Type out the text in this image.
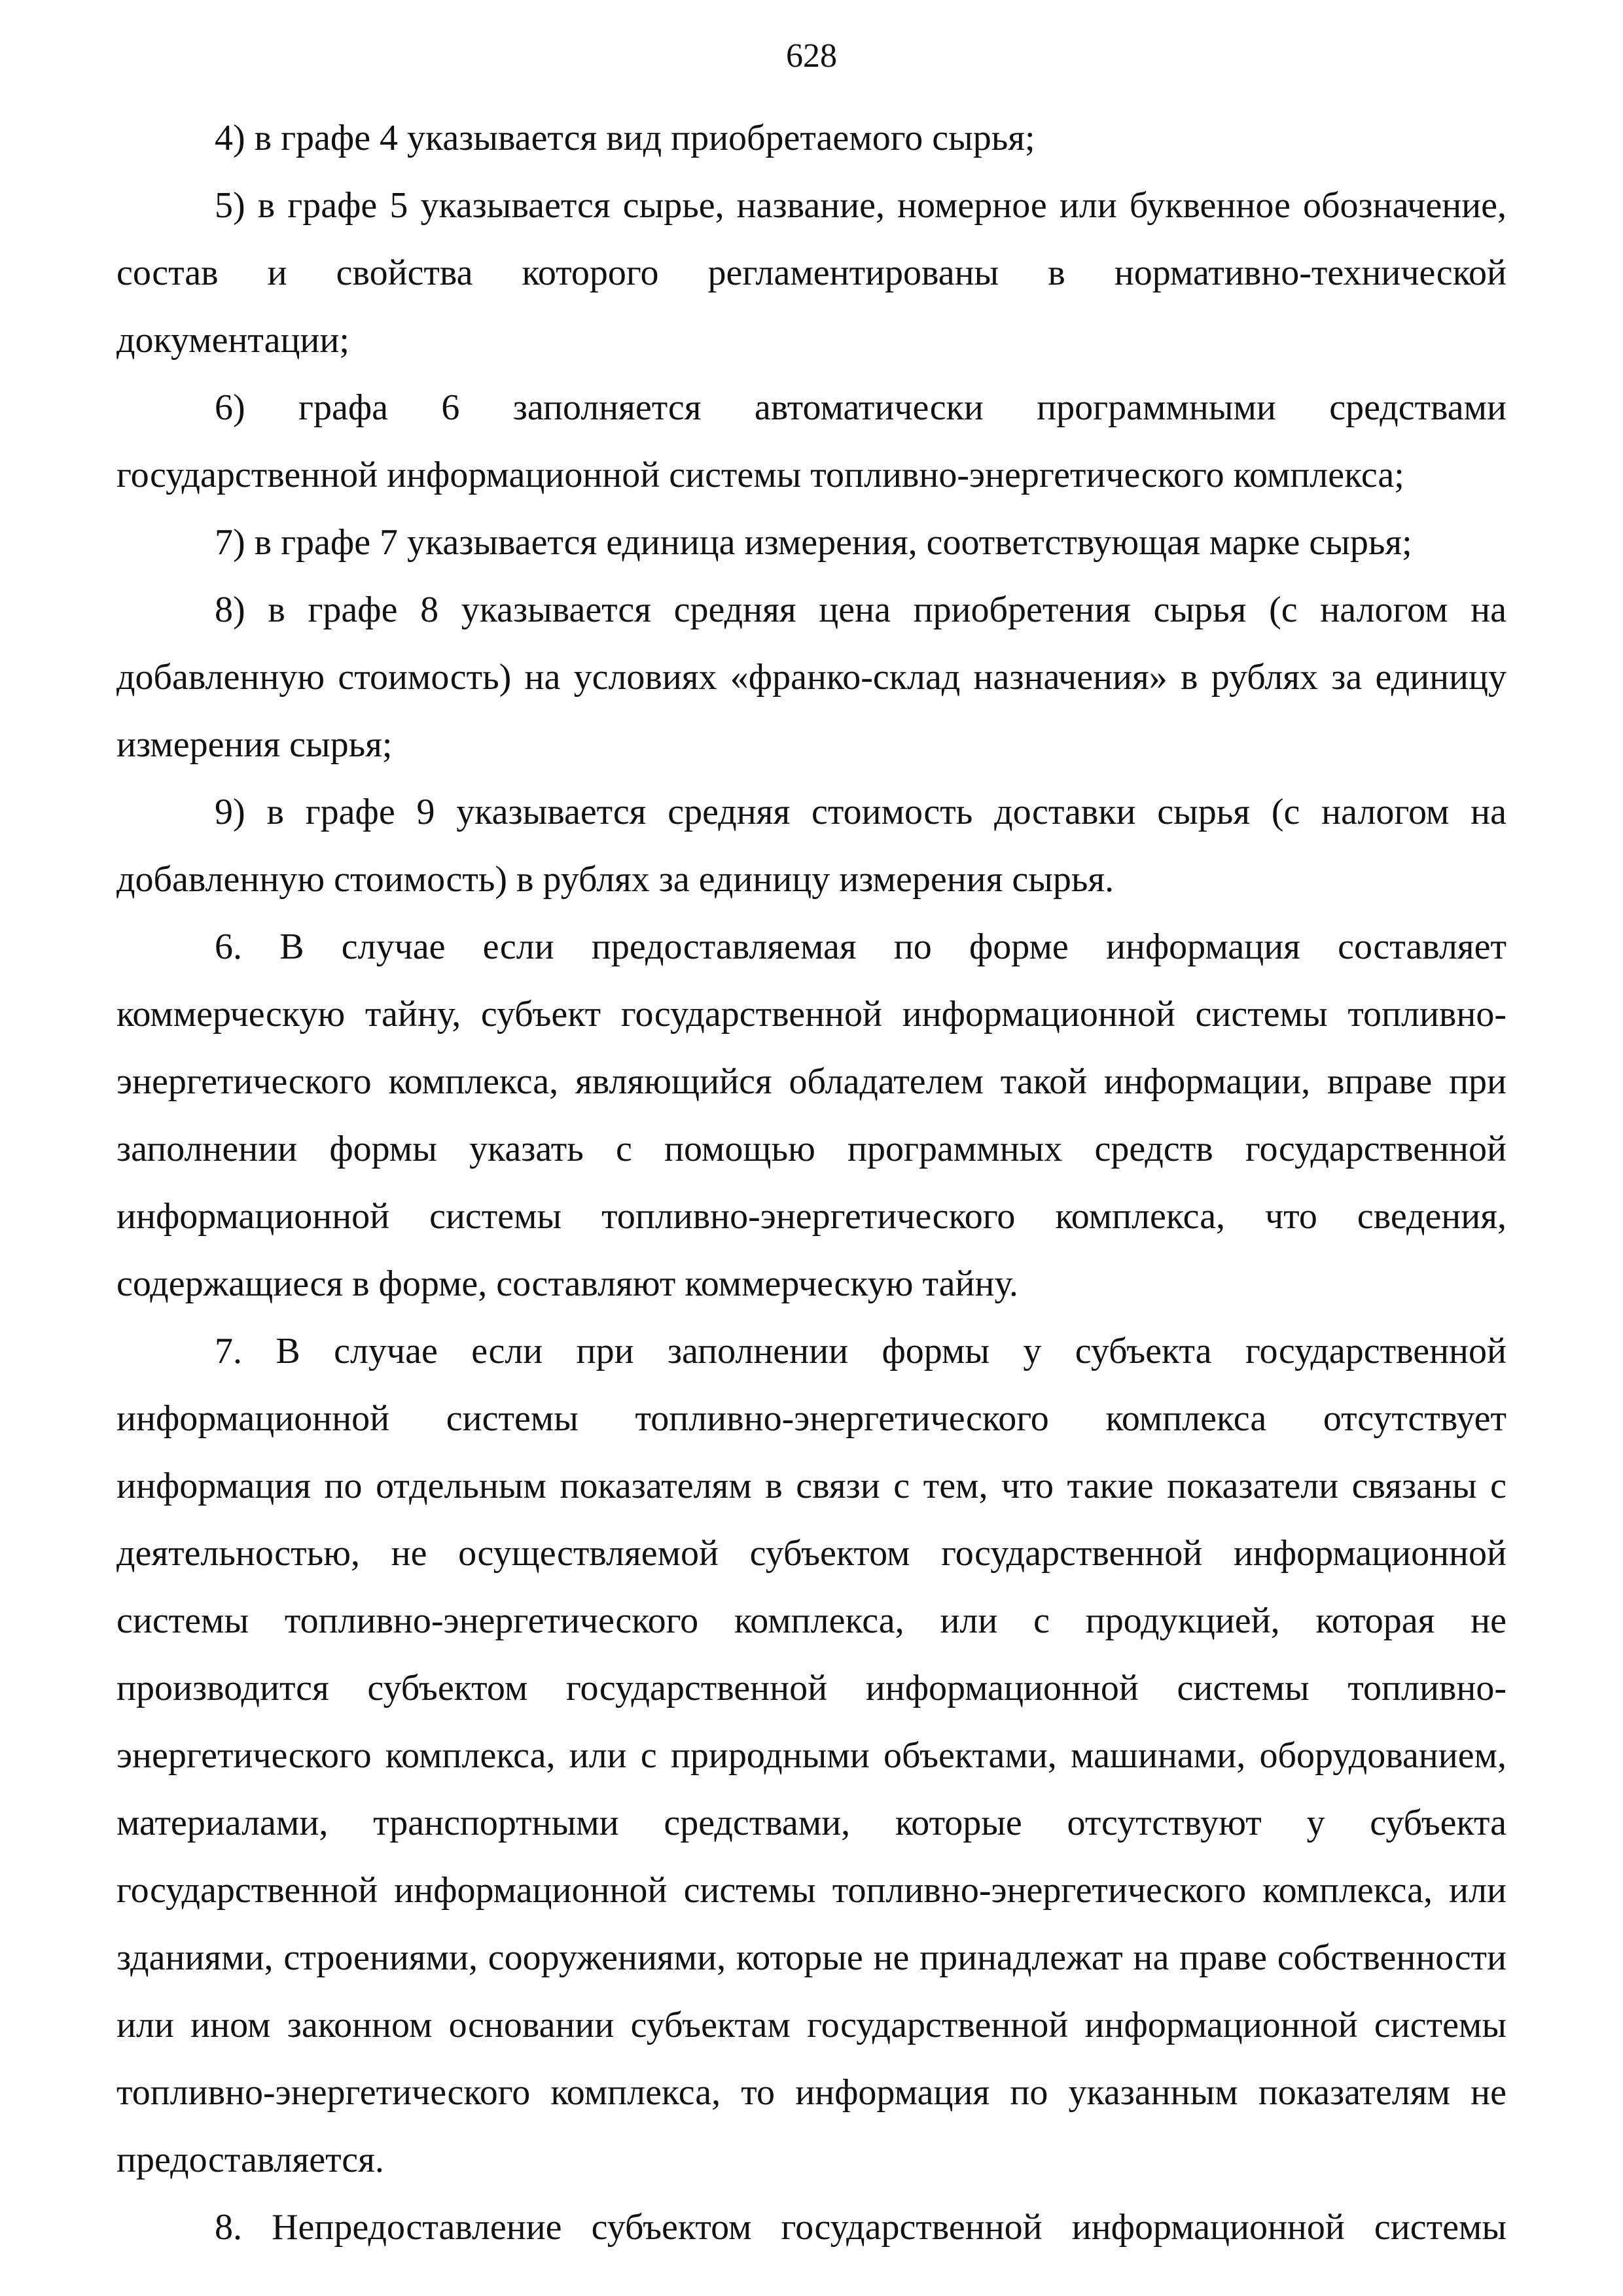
628

4) в графе 4 указывается вид приобретаемого сырья;

5) в графе 5 указывается сырье, название, номерное или буквенное обозначение, состав и свойства которого регламентированы в нормативно-технической документации;

6) графа 6 заполняется автоматически программными средствами государственной информационной системы топливно-энергетического комплекса;

7) в графе 7 указывается единица измерения, соответствующая марке сырья;

8) в графе 8 указывается средняя цена приобретения сырья (с налогом на добавленную стоимость) на условиях «франко-склад назначения» в рублях за единицу измерения сырья;

9) в графе 9 указывается средняя стоимость доставки сырья (с налогом на добавленную стоимость) в рублях за единицу измерения сырья.

6. В случае если предоставляемая по форме информация составляет коммерческую тайну, субъект государственной информационной системы топливно-энергетического комплекса, являющийся обладателем такой информации, вправе при заполнении формы указать с помощью программных средств государственной информационной системы топливно-энергетического комплекса, что сведения, содержащиеся в форме, составляют коммерческую тайну.

7. В случае если при заполнении формы у субъекта государственной информационной системы топливно-энергетического комплекса отсутствует информация по отдельным показателям в связи с тем, что такие показатели связаны с деятельностью, не осуществляемой субъектом государственной информационной системы топливно-энергетического комплекса, или с продукцией, которая не производится субъектом государственной информационной системы топливно-энергетического комплекса, или с природными объектами, машинами, оборудованием, материалами, транспортными средствами, которые отсутствуют у субъекта государственной информационной системы топливно-энергетического комплекса, или зданиями, строениями, сооружениями, которые не принадлежат на праве собственности или ином законном основании субъектам государственной информационной системы топливно-энергетического комплекса, то информация по указанным показателям не предоставляется.

8. Непредоставление субъектом государственной информационной системы
